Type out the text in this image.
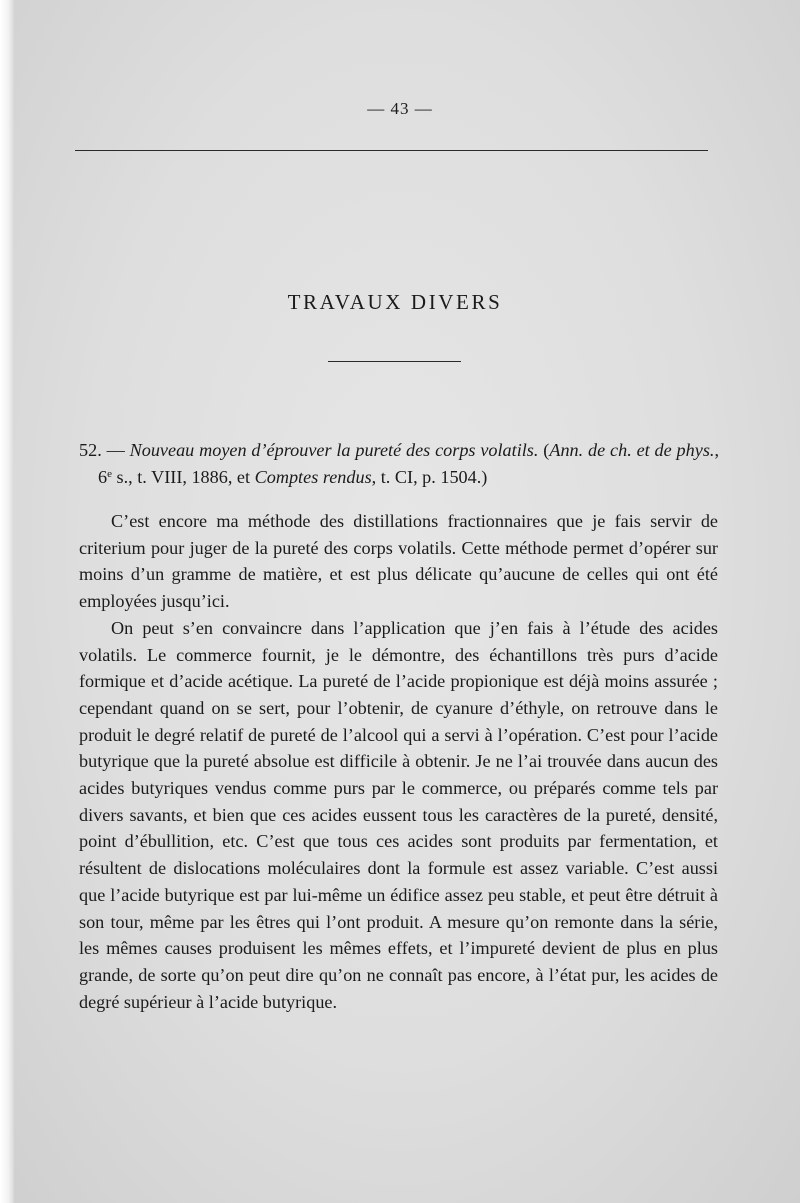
— 43 —
TRAVAUX DIVERS

52. — Nouveau moyen d’éprouver la pureté des corps volatils. (Ann. de ch. et de phys., 6e s., t. VIII, 1886, et Comptes rendus, t. CI, p. 1504.)

C’est encore ma méthode des distillations fractionnaires que je fais servir de criterium pour juger de la pureté des corps volatils. Cette méthode permet d’opérer sur moins d’un gramme de matière, et est plus délicate qu’aucune de celles qui ont été employées jusqu’ici.

On peut s’en convaincre dans l’application que j’en fais à l’étude des acides volatils. Le commerce fournit, je le démontre, des échantillons très purs d’acide formique et d’acide acétique. La pureté de l’acide propionique est déjà moins assurée ; cependant quand on se sert, pour l’obtenir, de cyanure d’éthyle, on retrouve dans le produit le degré relatif de pureté de l’alcool qui a servi à l’opération. C’est pour l’acide butyrique que la pureté absolue est difficile à obtenir. Je ne l’ai trouvée dans aucun des acides butyriques vendus comme purs par le commerce, ou préparés comme tels par divers savants, et bien que ces acides eussent tous les caractères de la pureté, densité, point d’ébullition, etc. C’est que tous ces acides sont produits par fermentation, et résultent de dislocations moléculaires dont la formule est assez variable. C’est aussi que l’acide butyrique est par lui-même un édifice assez peu stable, et peut être détruit à son tour, même par les êtres qui l’ont produit. A mesure qu’on remonte dans la série, les mêmes causes produisent les mêmes effets, et l’impureté devient de plus en plus grande, de sorte qu’on peut dire qu’on ne connaît pas encore, à l’état pur, les acides de degré supérieur à l’acide butyrique.
